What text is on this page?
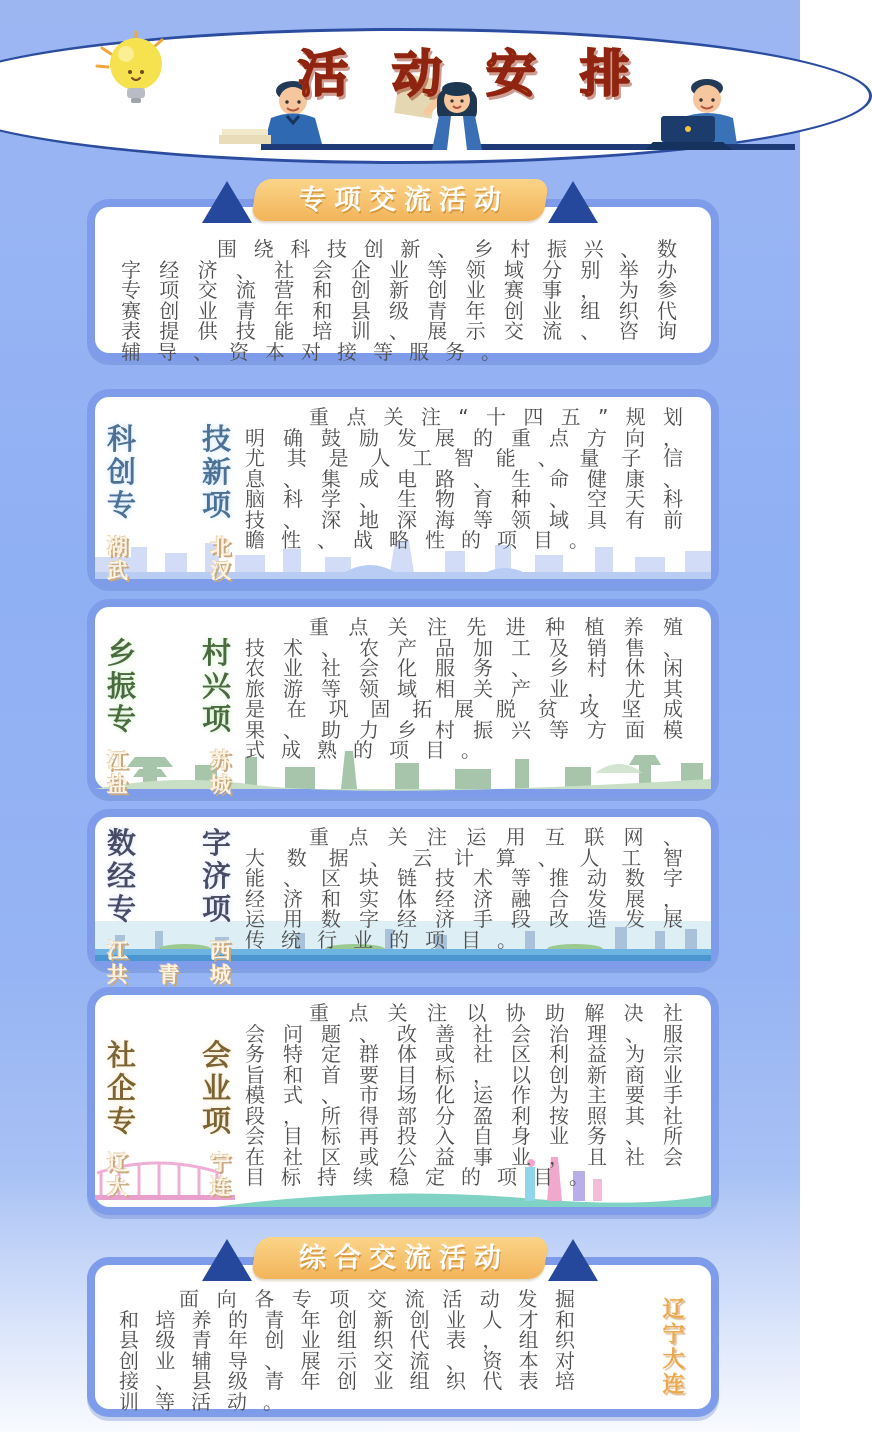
活动安排
专项交流活动

围绕科技创新、乡村振兴、数字经济、社会企业等领域分别举办专项交流营和创新创业赛事，为参赛创业青年和县级青年创业组织代表提供技能培训、展示交流、咨询辅导、资本对接等服务。

科技
创新
专项
湖北
武汉

重点关注“十四五”规划明确鼓励发展的重点方向，尤其是人工智能、量子信息、集成电路、生命健康、脑科学、生物育种、空天科技、深地深海等领域具有前瞻性、战略性的项目。

乡村
振兴
专项
江苏
盐城

重点关注先进种植养殖技术、农产品加工及销售、农业社会化服务、乡村休闲旅游等领域相关产业，尤其是在巩固拓展脱贫攻坚成果、助力乡村振兴等方面模式成熟的项目。

数字
经济
专项
江西
共青城

重点关注运用互联网、大数据、云计算、人工智能、区块链技术等推动数字经济和实体经济融合发展，运用数字经济手段改造发展传统行业的项目。

社会
企业
专项
辽宁
大连

重点关注以协助解决社会问题、改善社会治理、服务特定群体或社区利益为宗旨和首要目标，以创新商业模式、市场化运作为主要手段，所得部分盈利按照其社会目标再投入自身业务、所在社区或公益事业，且社会目标持续稳定的项目。

综合交流活动

面向各专项交流活动发掘和培养的青年创新创业人才和县级青年创业组织代表，组织创业辅导、展示交流、资本对接、县级青年创业组织代表培训等活动。

辽宁大连
